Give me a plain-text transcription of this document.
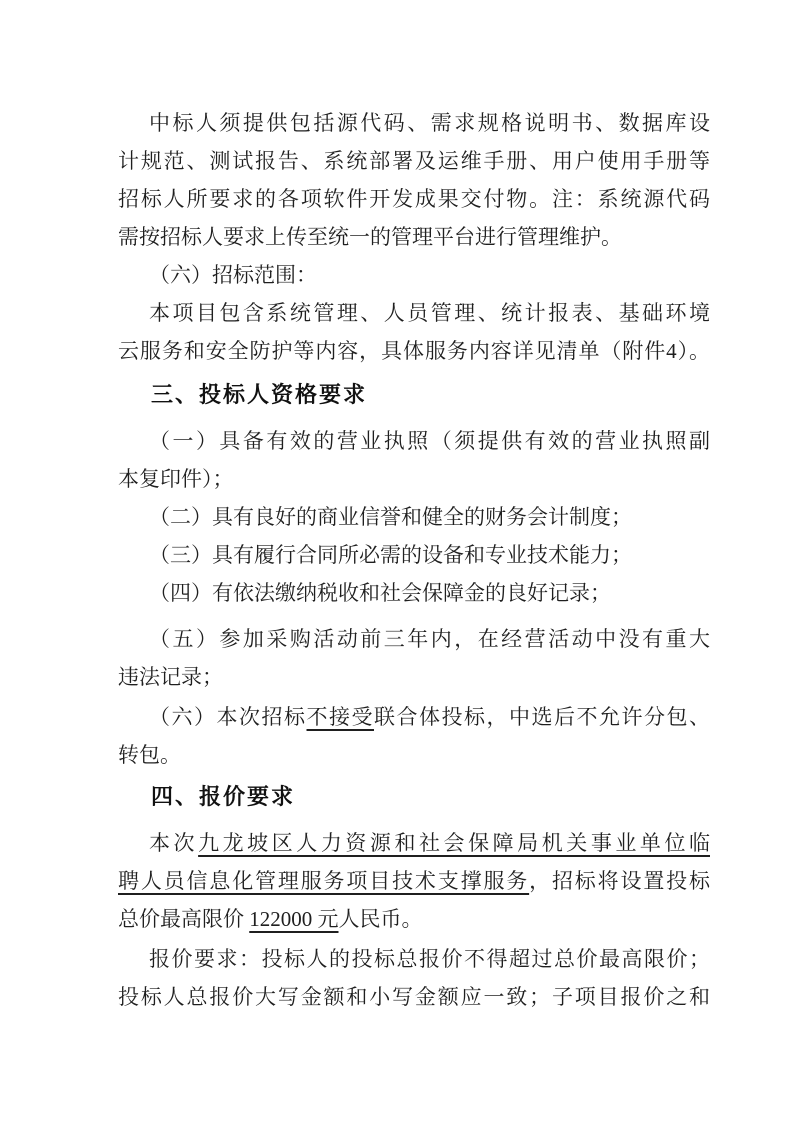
中标人须提供包括源代码、需求规格说明书、数据库设
计规范、测试报告、系统部署及运维手册、用户使用手册等
招标人所要求的各项软件开发成果交付物。注：系统源代码
需按招标人要求上传至统一的管理平台进行管理维护。
（六）招标范围：
本项目包含系统管理、人员管理、统计报表、基础环境
云服务和安全防护等内容，具体服务内容详见清单（附件4）。
三、投标人资格要求
（一）具备有效的营业执照（须提供有效的营业执照副
本复印件）；
（二）具有良好的商业信誉和健全的财务会计制度；
（三）具有履行合同所必需的设备和专业技术能力；
（四）有依法缴纳税收和社会保障金的良好记录；
（五）参加采购活动前三年内，在经营活动中没有重大
违法记录；
（六）本次招标不接受联合体投标，中选后不允许分包、
转包。
四、报价要求
本次九龙坡区人力资源和社会保障局机关事业单位临
聘人员信息化管理服务项目技术支撑服务，招标将设置投标
总价最高限价 122000 元人民币。
报价要求：投标人的投标总报价不得超过总价最高限价；
投标人总报价大写金额和小写金额应一致；子项目报价之和
